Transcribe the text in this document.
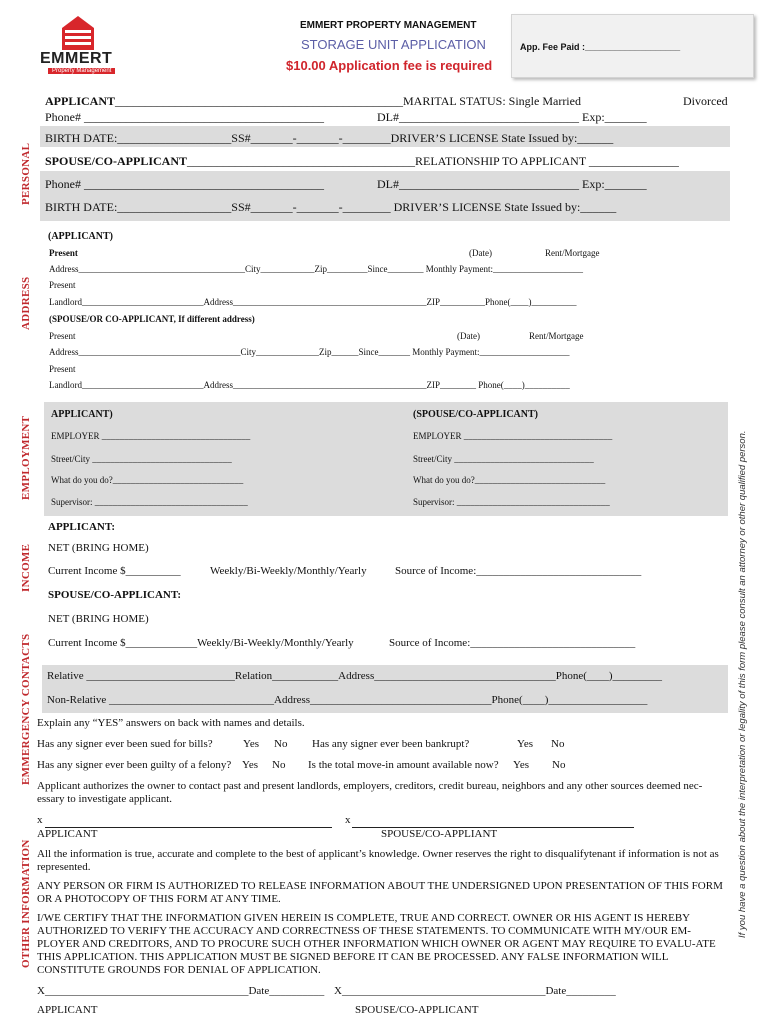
EMMERT
Property Management
EMMERT PROPERTY MANAGEMENT
STORAGE UNIT APPLICATION
$10.00 Application fee is required
App. Fee Paid :___________________
PERSONAL
ADDRESS
EMPLOYMENT
INCOME
EMMERGENCY CONTACTS
OTHER INFORMATION	If you have a question about the interpretation or legality of this form please consult an attorney or other qualified person.
APPLICANT________________________________________________MARITAL STATUS: Single Married	Divorced
Phone# ________________________________________	DL#______________________________ Exp:_______
BIRTH DATE:___________________SS#_______-_______-________DRIVER’S LICENSE State Issued by:______
SPOUSE/CO-APPLICANT______________________________________RELATIONSHIP TO APPLICANT _______________
Phone# ________________________________________	DL#______________________________ Exp:_______
BIRTH DATE:___________________SS#_______-_______-________ DRIVER’S LICENSE State Issued by:______
(APPLICANT)
Present	(Date)	Rent/Mortgage
Address_____________________________________City____________Zip_________Since________ Monthly Payment:____________________
Present
Landlord___________________________Address___________________________________________ZIP__________Phone(____)__________
(SPOUSE/OR CO-APPLICANT, If different address)
Present	(Date)	Rent/Mortgage
Address____________________________________City______________Zip______Since_______ Monthly Payment:____________________
Present
Landlord___________________________Address___________________________________________ZIP________ Phone(____)__________
APPLICANT)	(SPOUSE/CO-APPLICANT)
EMPLOYER _________________________________	EMPLOYER _________________________________
Street/City _______________________________	Street/City _______________________________
What do you do?_____________________________	What do you do?_____________________________
Supervisor: __________________________________	Supervisor: __________________________________
APPLICANT:
NET (BRING HOME)
Current Income $__________	Weekly/Bi-Weekly/Monthly/Yearly	Source of Income:______________________________
SPOUSE/CO-APPLICANT:
NET (BRING HOME)
Current Income $_____________Weekly/Bi-Weekly/Monthly/Yearly	Source of Income:______________________________
Relative ___________________________Relation____________Address_________________________________Phone(____)_________
Non-Relative ______________________________Address_________________________________Phone(____)__________________
Explain any “YES” answers on back with names and details.
Has any signer ever been sued for bills?	Yes No Has any signer ever been bankrupt?	Yes No
Has any signer ever been guilty of a felony? Yes No Is the total move-in amount available now? Yes No
Applicant authorizes the owner to contact past and present landlords, employers, creditors, credit bureau, neighbors and any other sources deemed nec-essary to investigate applicant.
x	x
APPLICANT	SPOUSE/CO-APPLIANT
All the information is true, accurate and complete to the best of applicant’s knowledge. Owner reserves the right to disqualifytenant if information is not as represented.
ANY PERSON OR FIRM IS AUTHORIZED TO RELEASE INFORMATION ABOUT THE UNDERSIGNED UPON PRESENTATION OF THIS FORM OR A PHOTOCOPY OF THIS FORM AT ANY TIME.
I/WE CERTIFY THAT THE INFORMATION GIVEN HEREIN IS COMPLETE, TRUE AND CORRECT. OWNER OR HIS AGENT IS HEREBY AUTHORIZED TO VERIFY THE ACCURACY AND CORRECTNESS OF THESE STATEMENTS. TO COMMUNICATE WITH MY/OUR EM-PLOYER AND CREDITORS, AND TO PROCURE SUCH OTHER INFORMATION WHICH OWNER OR AGENT MAY REQUIRE TO EVALU-ATE THIS APPLICATION. THIS APPLICATION MUST BE SIGNED BEFORE IT CAN BE PROCESSED. ANY FALSE INFORMATION WILL CONSTITUTE GROUNDS FOR DENIAL OF APPLICATION.
X_____________________________________Date__________ X_____________________________________Date_________
APPLICANT	SPOUSE/CO-APPLICANT
